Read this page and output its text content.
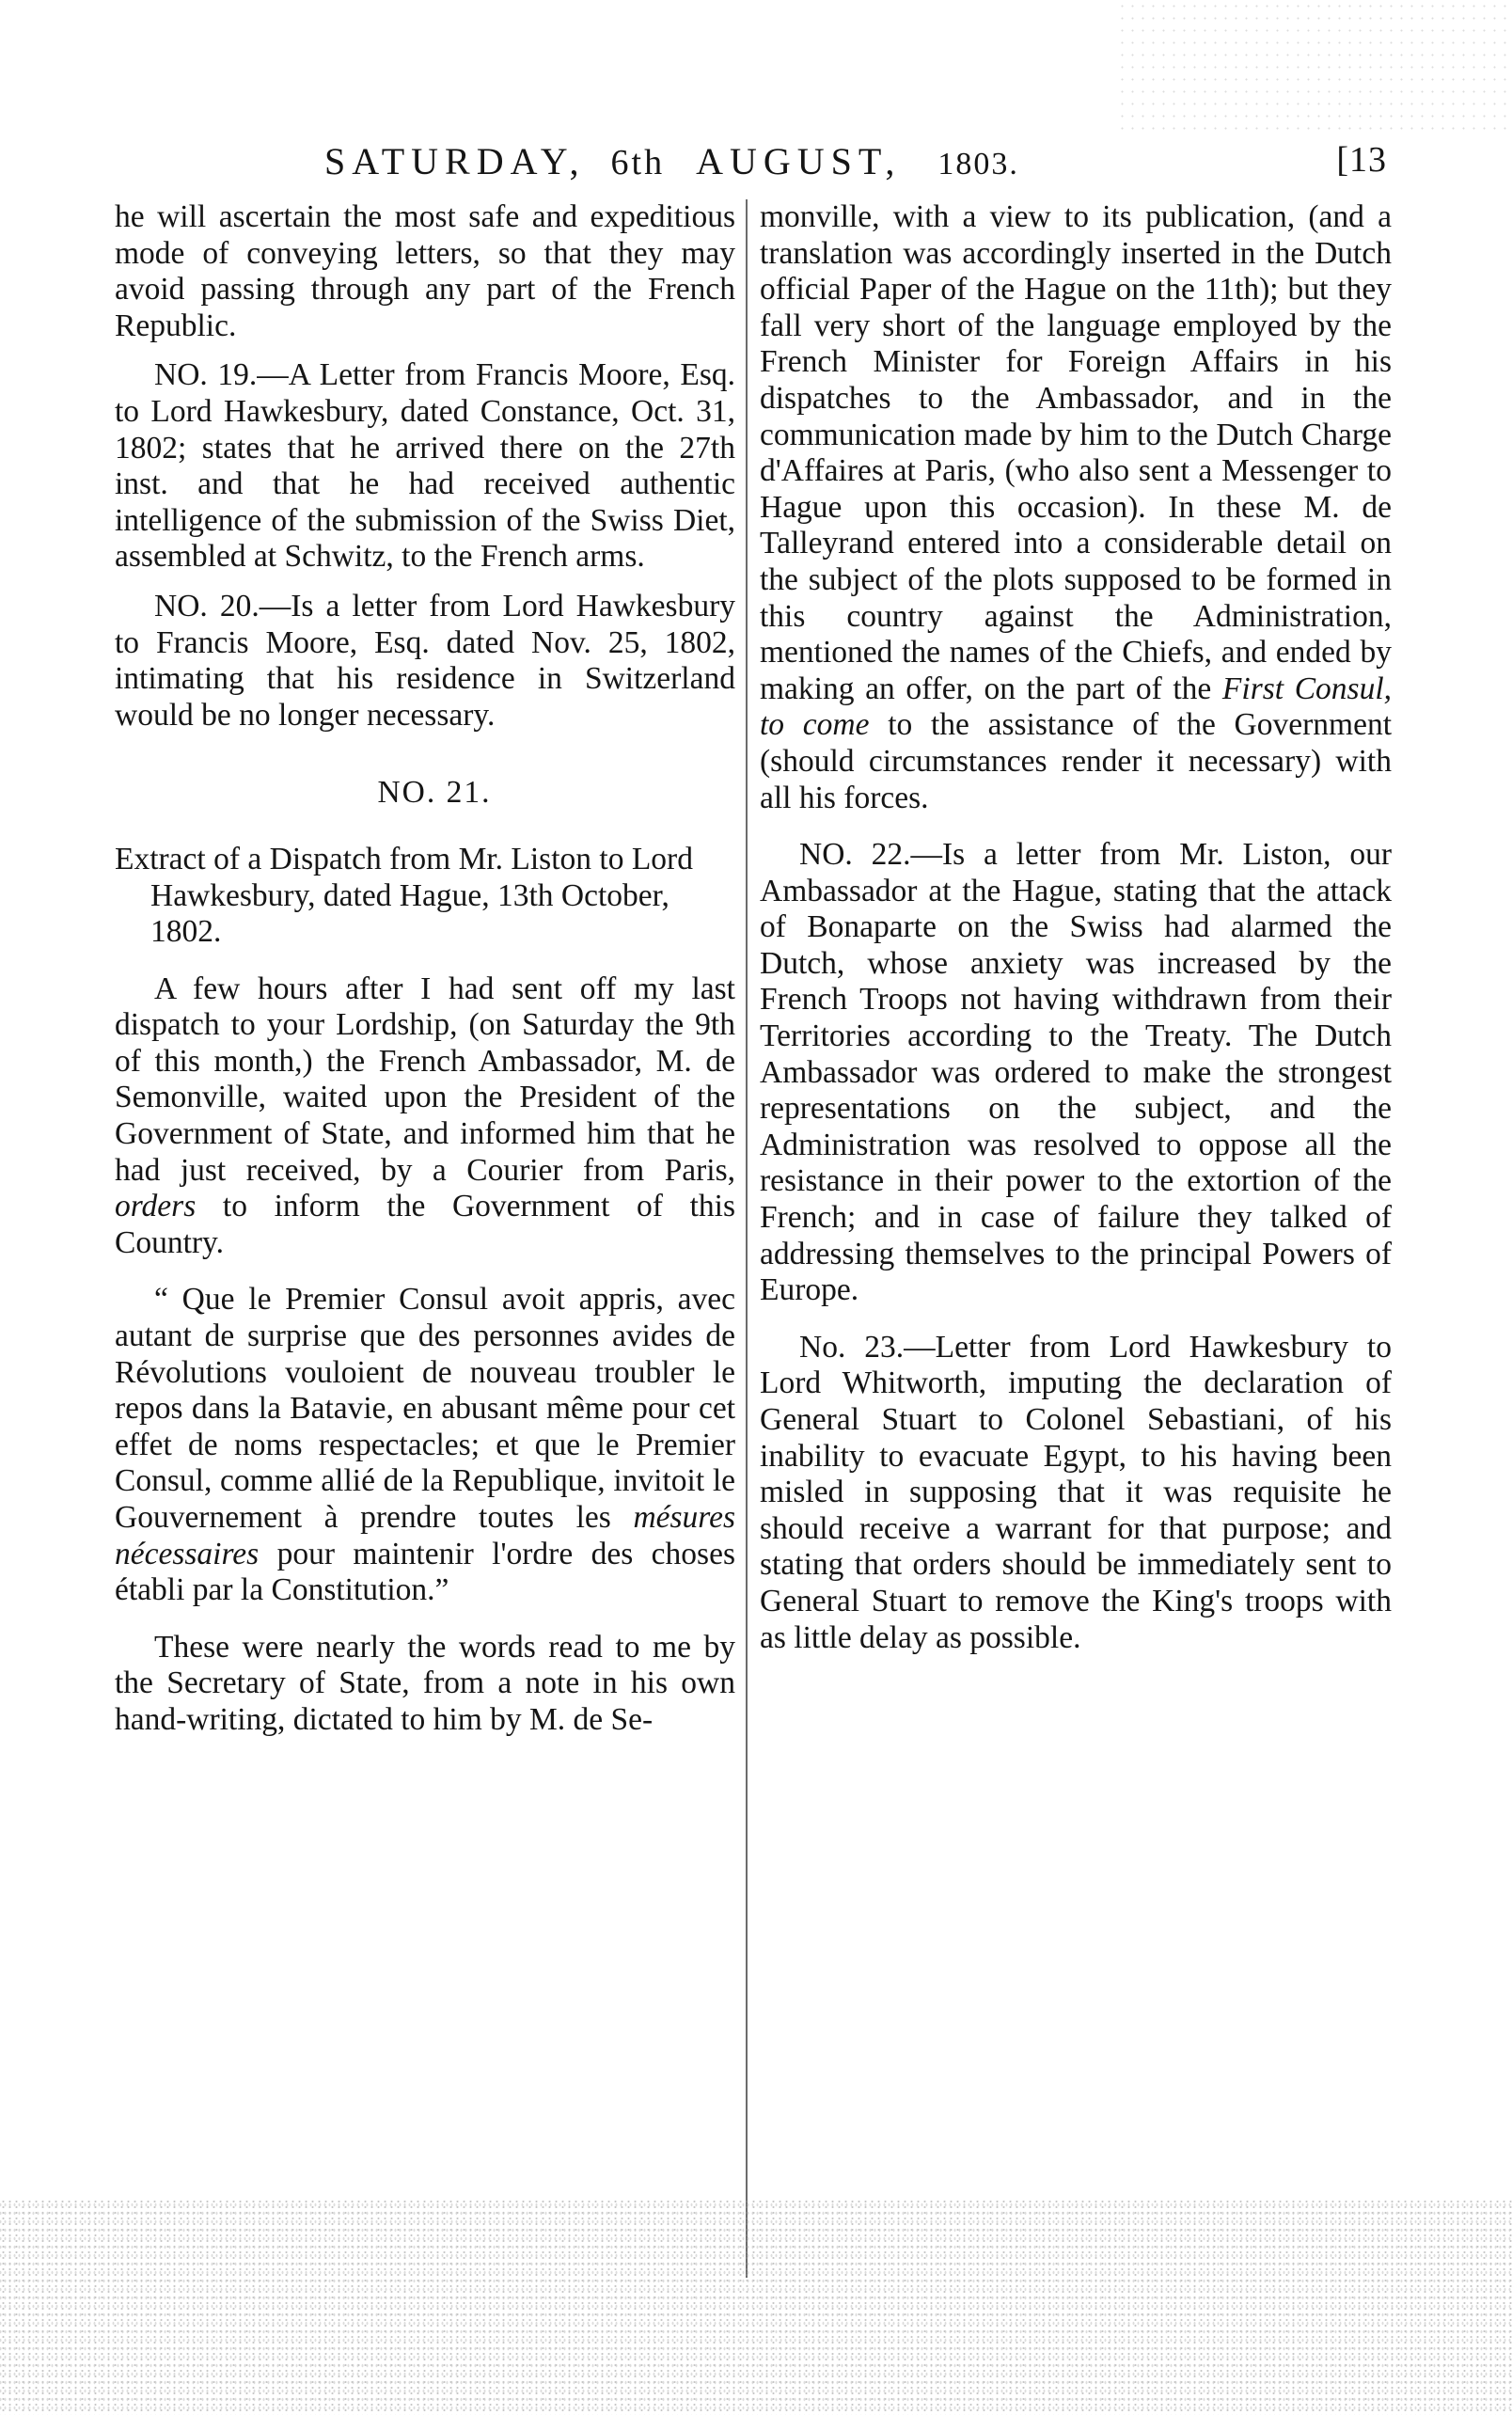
SATURDAY, 6th AUGUST, 1803.	[13

he will ascertain the most safe and expeditious mode of conveying letters, so that they may avoid passing through any part of the French Republic.

NO. 19.—A Letter from Francis Moore, Esq. to Lord Hawkesbury, dated Constance, Oct. 31, 1802; states that he arrived there on the 27th inst. and that he had received authentic intelligence of the submission of the Swiss Diet, assembled at Schwitz, to the French arms.

NO. 20.—Is a letter from Lord Hawkesbury to Francis Moore, Esq. dated Nov. 25, 1802, intimating that his residence in Switzerland would be no longer necessary.

NO. 21.

Extract of a Dispatch from Mr. Liston to Lord Hawkesbury, dated Hague, 13th October, 1802.

A few hours after I had sent off my last dispatch to your Lordship, (on Saturday the 9th of this month,) the French Ambassador, M. de Semonville, waited upon the President of the Government of State, and informed him that he had just received, by a Courier from Paris, orders to inform the Government of this Country.

“ Que le Premier Consul avoit appris, avec autant de surprise que des personnes avides de Révolutions vouloient de nouveau troubler le repos dans la Batavie, en abusant même pour cet effet de noms respectacles; et que le Premier Consul, comme allié de la Republique, invitoit le Gouvernement à prendre toutes les mésures nécessaires pour maintenir l'ordre des choses établi par la Constitution.”

These were nearly the words read to me by the Secretary of State, from a note in his own hand-writing, dictated to him by M. de Se-

monville, with a view to its publication, (and a translation was accordingly inserted in the Dutch official Paper of the Hague on the 11th); but they fall very short of the language employed by the French Minister for Foreign Affairs in his dispatches to the Ambassador, and in the communication made by him to the Dutch Charge d'Affaires at Paris, (who also sent a Messenger to Hague upon this occasion). In these M. de Talleyrand entered into a considerable detail on the subject of the plots supposed to be formed in this country against the Administration, mentioned the names of the Chiefs, and ended by making an offer, on the part of the First Consul, to come to the assistance of the Government (should circumstances render it necessary) with all his forces.

NO. 22.—Is a letter from Mr. Liston, our Ambassador at the Hague, stating that the attack of Bonaparte on the Swiss had alarmed the Dutch, whose anxiety was increased by the French Troops not having withdrawn from their Territories according to the Treaty. The Dutch Ambassador was ordered to make the strongest representations on the subject, and the Administration was resolved to oppose all the resistance in their power to the extortion of the French; and in case of failure they talked of addressing themselves to the principal Powers of Europe.

No. 23.—Letter from Lord Hawkesbury to Lord Whitworth, imputing the declaration of General Stuart to Colonel Sebastiani, of his inability to evacuate Egypt, to his having been misled in supposing that it was requisite he should receive a warrant for that purpose; and stating that orders should be immediately sent to General Stuart to remove the King's troops with as little delay as possible.
